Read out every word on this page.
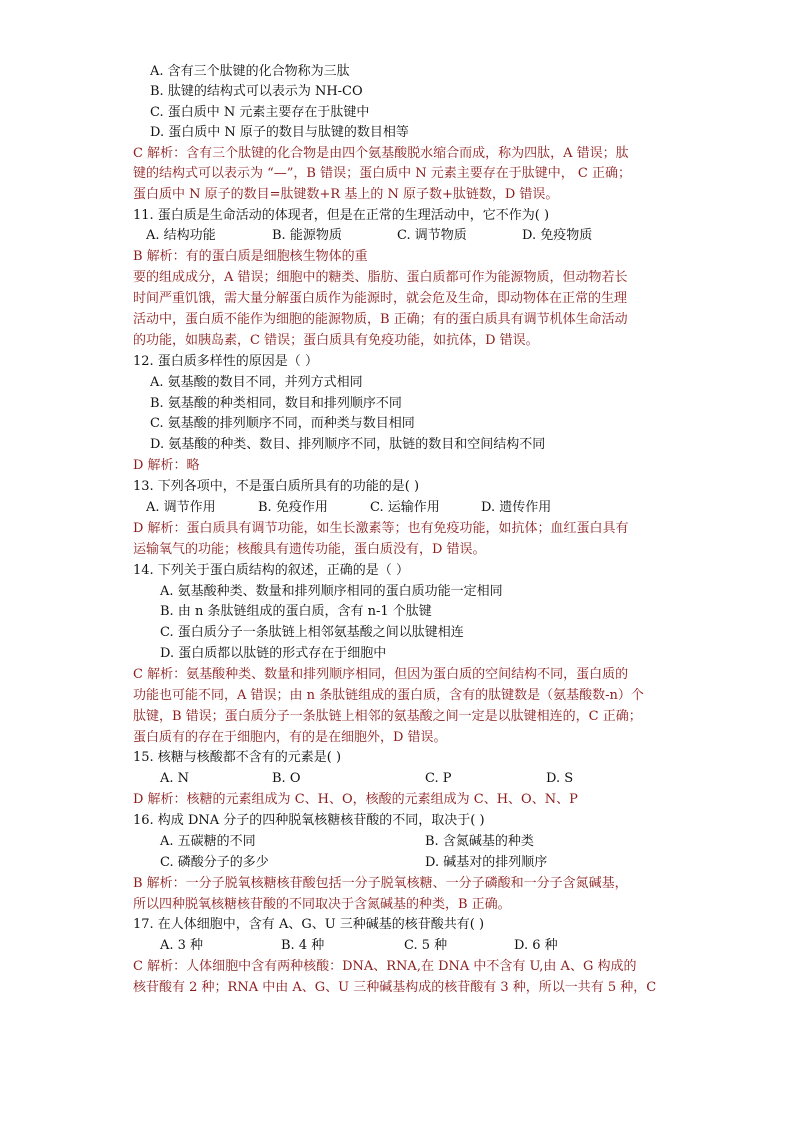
A. 含有三个肽键的化合物称为三肽
B. 肽键的结构式可以表示为 NH-CO
C. 蛋白质中 N 元素主要存在于肽键中
D. 蛋白质中 N 原子的数目与肽键的数目相等
C 解析：含有三个肽键的化合物是由四个氨基酸脱水缩合而成，称为四肽，A 错误；肽
键的结构式可以表示为 “—”，B 错误；蛋白质中 N 元素主要存在于肽键中， C 正确；
蛋白质中 N 原子的数目=肽键数+R 基上的 N 原子数+肽链数，D 错误。
11. 蛋白质是生命活动的体现者，但是在正常的生理活动中，它不作为( )
A. 结构功能	B. 能源物质	C. 调节物质	D. 免疫物质
B 解析：有的蛋白质是细胞核生物体的重
要的组成成分，A 错误；细胞中的糖类、脂肪、蛋白质都可作为能源物质，但动物若长
时间严重饥饿，需大量分解蛋白质作为能源时，就会危及生命，即动物体在正常的生理
活动中，蛋白质不能作为细胞的能源物质，B 正确；有的蛋白质具有调节机体生命活动
的功能，如胰岛素，C 错误；蛋白质具有免疫功能，如抗体，D 错误。
12. 蛋白质多样性的原因是（ ）
A. 氨基酸的数目不同，并列方式相同
B. 氨基酸的种类相同，数目和排列顺序不同
C. 氨基酸的排列顺序不同，而种类与数目相同
D. 氨基酸的种类、数目、排列顺序不同，肽链的数目和空间结构不同
D 解析：略
13. 下列各项中，不是蛋白质所具有的功能的是( )
A. 调节作用	B. 免疫作用	C. 运输作用	D. 遗传作用
D 解析：蛋白质具有调节功能，如生长激素等；也有免疫功能，如抗体；血红蛋白具有
运输氧气的功能；核酸具有遗传功能，蛋白质没有，D 错误。
14. 下列关于蛋白质结构的叙述，正确的是（ ）
A. 氨基酸种类、数量和排列顺序相同的蛋白质功能一定相同
B. 由 n 条肽链组成的蛋白质，含有 n-1 个肽键
C. 蛋白质分子一条肽链上相邻氨基酸之间以肽键相连
D. 蛋白质都以肽链的形式存在于细胞中
C 解析：氨基酸种类、数量和排列顺序相同，但因为蛋白质的空间结构不同，蛋白质的
功能也可能不同，A 错误；由 n 条肽链组成的蛋白质，含有的肽键数是（氨基酸数-n）个
肽键，B 错误；蛋白质分子一条肽链上相邻的氨基酸之间一定是以肽键相连的，C 正确；
蛋白质有的存在于细胞内，有的是在细胞外，D 错误。
15. 核糖与核酸都不含有的元素是( )
A. N	B. O	C. P	D. S
D 解析：核糖的元素组成为 C、H、O，核酸的元素组成为 C、H、O、N、P
16. 构成 DNA 分子的四种脱氧核糖核苷酸的不同，取决于( )
A. 五碳糖的不同	B. 含氮碱基的种类
C. 磷酸分子的多少	D. 碱基对的排列顺序
B 解析：一分子脱氧核糖核苷酸包括一分子脱氧核糖、一分子磷酸和一分子含氮碱基，
所以四种脱氧核糖核苷酸的不同取决于含氮碱基的种类，B 正确。
17. 在人体细胞中，含有 A、G、U 三种碱基的核苷酸共有( )
A. 3 种	B. 4 种	C. 5 种	D. 6 种
C 解析：人体细胞中含有两种核酸：DNA、RNA,在 DNA 中不含有 U,由 A、G 构成的
核苷酸有 2 种；RNA 中由 A、G、U 三种碱基构成的核苷酸有 3 种，所以一共有 5 种，C
